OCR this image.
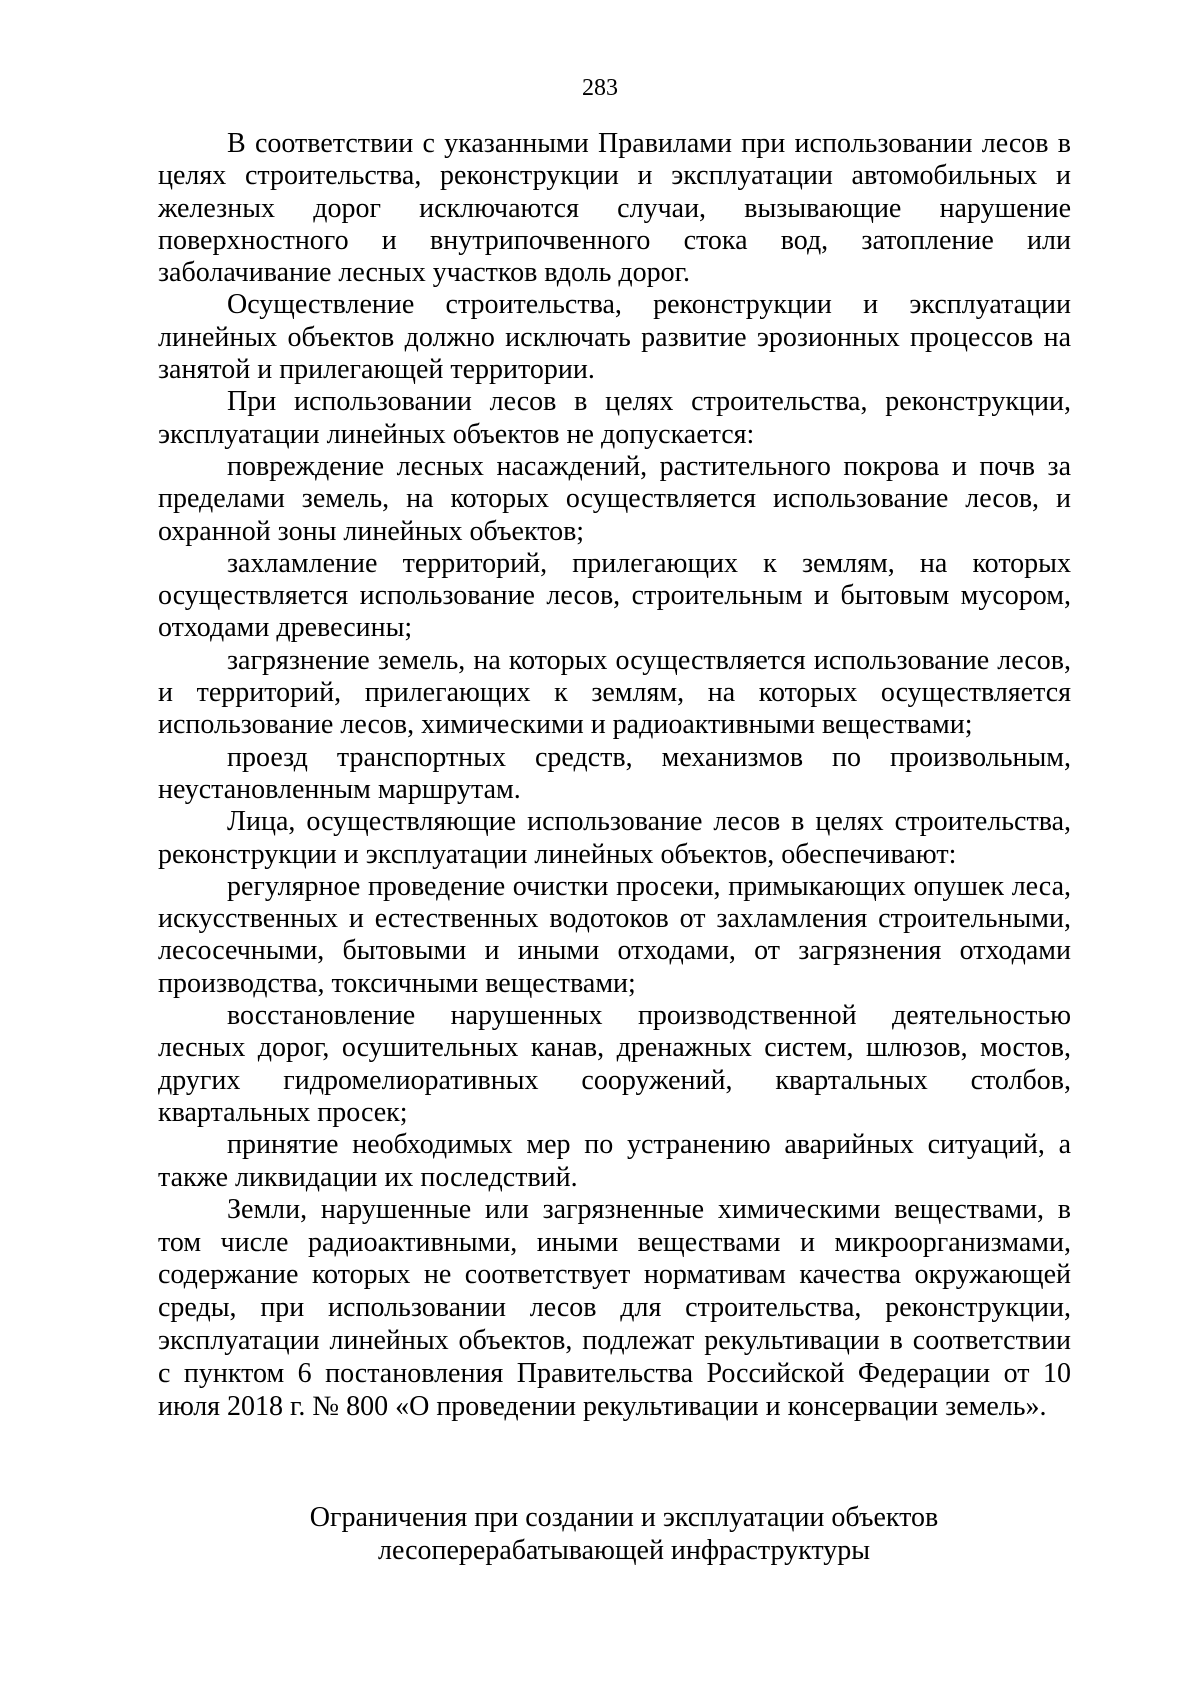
283

В соответствии с указанными Правилами при использовании лесов в целях строительства, реконструкции и эксплуатации автомобильных и железных дорог исключаются случаи, вызывающие нарушение поверхностного и внутрипочвенного стока вод, затопление или заболачивание лесных участков вдоль дорог.

Осуществление строительства, реконструкции и эксплуатации линейных объектов должно исключать развитие эрозионных процессов на занятой и прилегающей территории.

При использовании лесов в целях строительства, реконструкции, эксплуатации линейных объектов не допускается:

повреждение лесных насаждений, растительного покрова и почв за пределами земель, на которых осуществляется использование лесов, и охранной зоны линейных объектов;

захламление территорий, прилегающих к землям, на которых осуществляется использование лесов, строительным и бытовым мусором, отходами древесины;

загрязнение земель, на которых осуществляется использование лесов, и территорий, прилегающих к землям, на которых осуществляется использование лесов, химическими и радиоактивными веществами;

проезд транспортных средств, механизмов по произвольным, неустановленным маршрутам.

Лица, осуществляющие использование лесов в целях строительства, реконструкции и эксплуатации линейных объектов, обеспечивают:

регулярное проведение очистки просеки, примыкающих опушек леса, искусственных и естественных водотоков от захламления строительными, лесосечными, бытовыми и иными отходами, от загрязнения отходами производства, токсичными веществами;

восстановление нарушенных производственной деятельностью лесных дорог, осушительных канав, дренажных систем, шлюзов, мостов, других гидромелиоративных сооружений, квартальных столбов, квартальных просек;

принятие необходимых мер по устранению аварийных ситуаций, а также ликвидации их последствий.

Земли, нарушенные или загрязненные химическими веществами, в том числе радиоактивными, иными веществами и микроорганизмами, содержание которых не соответствует нормативам качества окружающей среды, при использовании лесов для строительства, реконструкции, эксплуатации линейных объектов, подлежат рекультивации в соответствии с пунктом 6 постановления Правительства Российской Федерации от 10 июля 2018 г. № 800 «О проведении рекультивации и консервации земель».

Ограничения при создании и эксплуатации объектов
лесоперерабатывающей инфраструктуры
